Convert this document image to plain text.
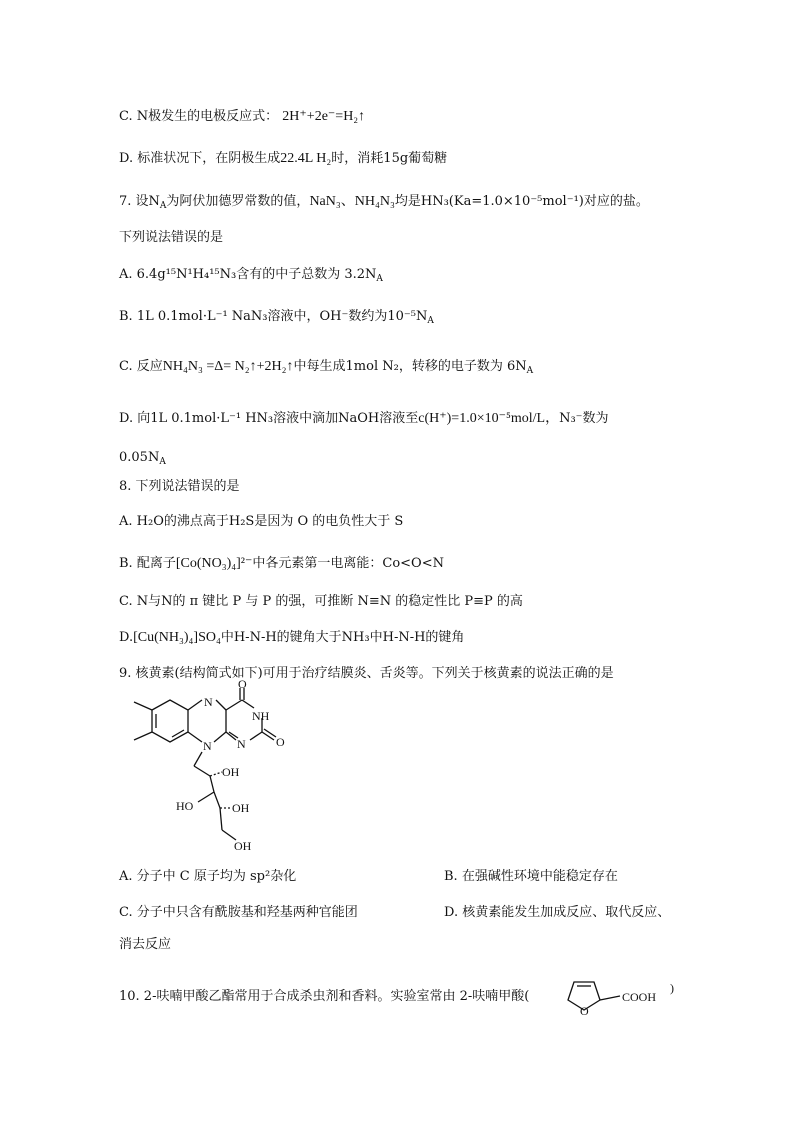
C. N极发生的电极反应式： 2H⁺+2e⁻=H₂↑
D. 标准状况下，在阴极生成22.4L H₂时，消耗15g葡萄糖
7. 设$N_A$为阿伏加德罗常数的值，NaN₃、NH₄N₃均是HN₃(Ka=1.0×10⁻⁵mol⁻¹)对应的盐。
下列说法错误的是
A. 6.4g¹⁵N¹H₄¹⁵N₃含有的中子总数为 $3.2N_A$
B. 1L 0.1mol·L⁻¹ NaN₃溶液中，OH⁻数约为$10^{-5}N_A$
C. 反应NH₄N₃ =Δ= N₂↑+2H₂↑中每生成1mol N₂，转移的电子数为 $6N_A$
D. 向1L 0.1mol·L⁻¹ HN₃溶液中滴加NaOH溶液至c(H⁺)=1.0×10⁻⁵mol/L，N₃⁻数为
$0.05N_A$
8. 下列说法错误的是
A. H₂O的沸点高于H₂S是因为 O 的电负性大于 S
B. 配离子[Co(NO₃)₄]²⁻中各元素第一电离能：Co<O<N
C. N与N的 π 键比 P 与 P 的强，可推断 N≡N 的稳定性比 P≡P 的高
D.[Cu(NH₃)₄]SO₄中H-N-H的键角大于NH₃中H-N-H的键角
9. 核黄素(结构简式如下)可用于治疗结膜炎、舌炎等。下列关于核黄素的说法正确的是
O
NH
N
N
N	O
OH
HO	OH
OH
A. 分子中 C 原子均为 sp²杂化	B. 在强碱性环境中能稳定存在
C. 分子中只含有酰胺基和羟基两种官能团	D. 核黄素能发生加成反应、取代反应、
消去反应
10. 2-呋喃甲酸乙酯常用于合成杀虫剂和香料。实验室常由 2-呋喃甲酸(
O
COOH
)
